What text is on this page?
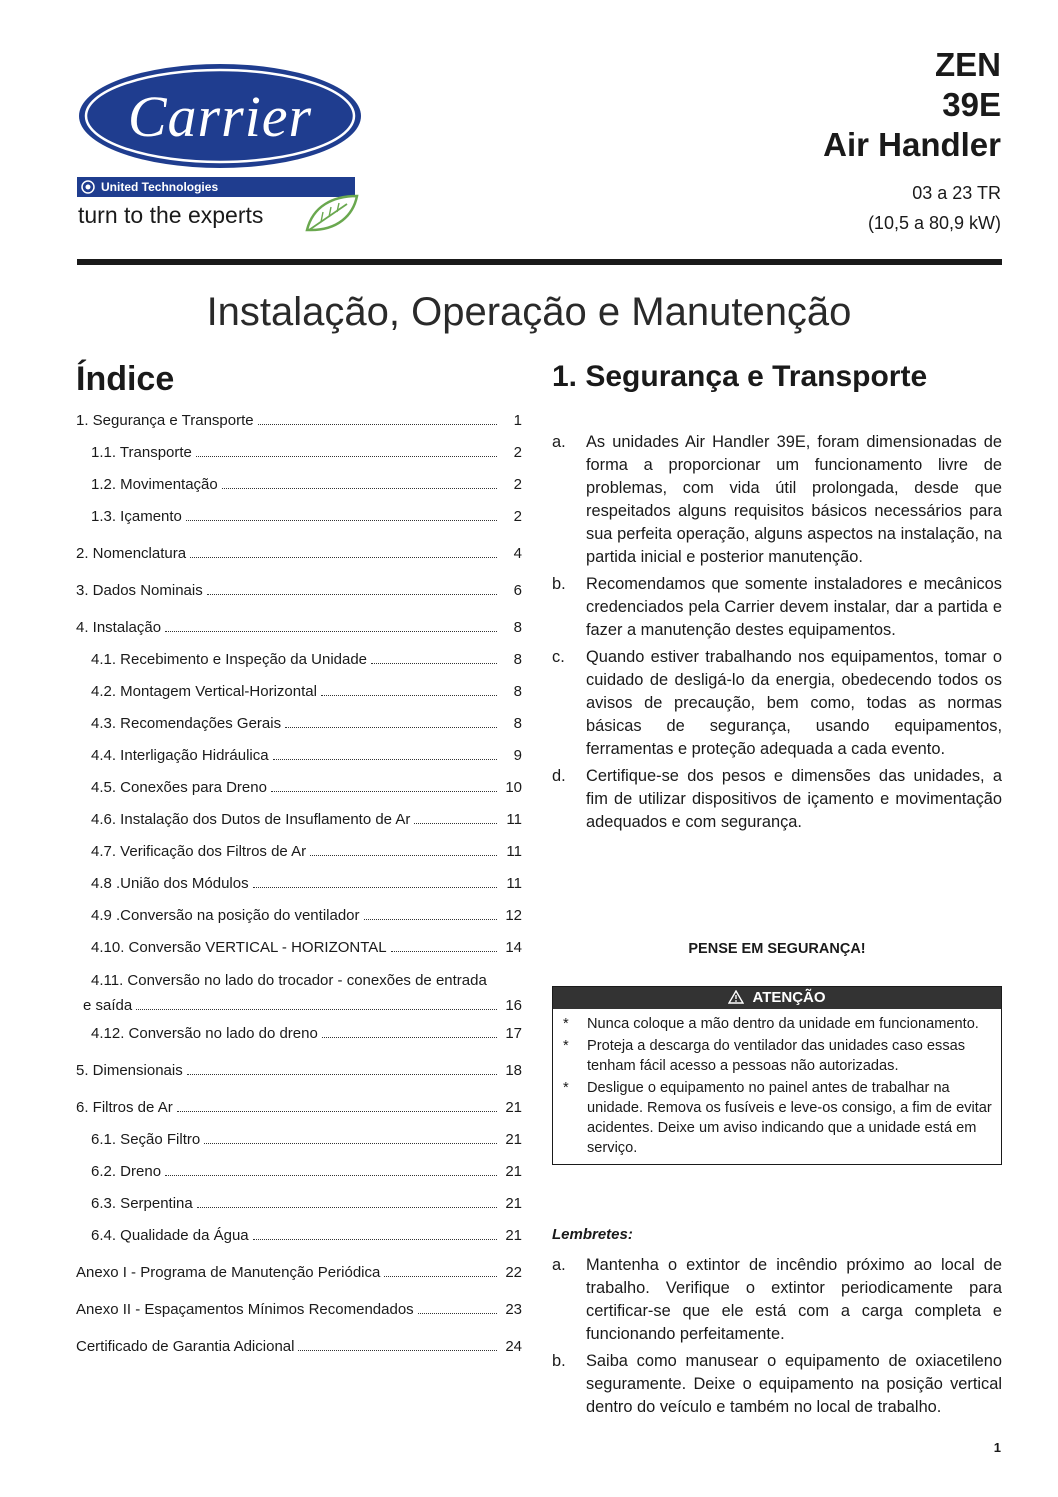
Carrier
United Technologies
turn to the experts
ZEN
39E
Air Handler
03 a 23 TR
(10,5 a 80,9 kW)
Instalação, Operação e Manutenção
Índice
1. Segurança e Transporte	1
1.1. Transporte	2
1.2. Movimentação	2
1.3. Içamento	2
2. Nomenclatura	4
3. Dados Nominais	6
4. Instalação	8
4.1. Recebimento e Inspeção da Unidade	8
4.2. Montagem Vertical-Horizontal	8
4.3. Recomendações Gerais	8
4.4. Interligação Hidráulica	9
4.5. Conexões para Dreno	10
4.6. Instalação dos Dutos de Insuflamento de Ar	11
4.7. Verificação dos Filtros de Ar	11
4.8 .União dos Módulos	11
4.9 .Conversão na posição do ventilador	12
4.10. Conversão VERTICAL - HORIZONTAL	14
4.11. Conversão no lado do trocador - conexões de entrada
e saída	16
4.12. Conversão no lado do dreno	17
5. Dimensionais	18
6. Filtros de Ar	21
6.1. Seção Filtro	21
6.2. Dreno	21
6.3. Serpentina	21
6.4. Qualidade da Água	21
Anexo I - Programa de Manutenção Periódica	22
Anexo II - Espaçamentos Mínimos Recomendados	23
Certificado de Garantia Adicional	24
1. Segurança e Transporte
a.	As unidades Air Handler 39E, foram dimensionadas de forma a proporcionar um funcionamento livre de problemas, com vida útil prolongada, desde que respeitados alguns requisitos básicos necessários para sua perfeita operação, alguns aspectos na instalação, na partida inicial e posterior manutenção.
b.	Recomendamos que somente instaladores e mecânicos credenciados pela Carrier devem instalar, dar a partida e fazer a manutenção destes equipamentos.
c.	Quando estiver trabalhando nos equipamentos, tomar o cuidado de desligá-lo da energia, obedecendo todos os avisos de precaução, bem como, todas as normas básicas de segurança, usando equipamentos, ferramentas e proteção adequada a cada evento.
d.	Certifique-se dos pesos e dimensões das unidades, a fim de utilizar dispositivos de içamento e movimentação adequados e com segurança.
PENSE EM SEGURANÇA!
ATENÇÃO
*	Nunca coloque a mão dentro da unidade em funcionamento.
*	Proteja a descarga do ventilador das unidades caso essas tenham fácil acesso a pessoas não autorizadas.
*	Desligue o equipamento no painel antes de trabalhar na unidade. Remova os fusíveis e leve-os consigo, a fim de evitar acidentes. Deixe um aviso indicando que a unidade está em serviço.
Lembretes:
a.	Mantenha o extintor de incêndio próximo ao local de trabalho. Verifique o extintor periodicamente para certificar-se que ele está com a carga completa e funcionando perfeitamente.
b.	Saiba como manusear o equipamento de oxiacetileno seguramente. Deixe o equipamento na posição vertical dentro do veículo e também no local de trabalho.
1
